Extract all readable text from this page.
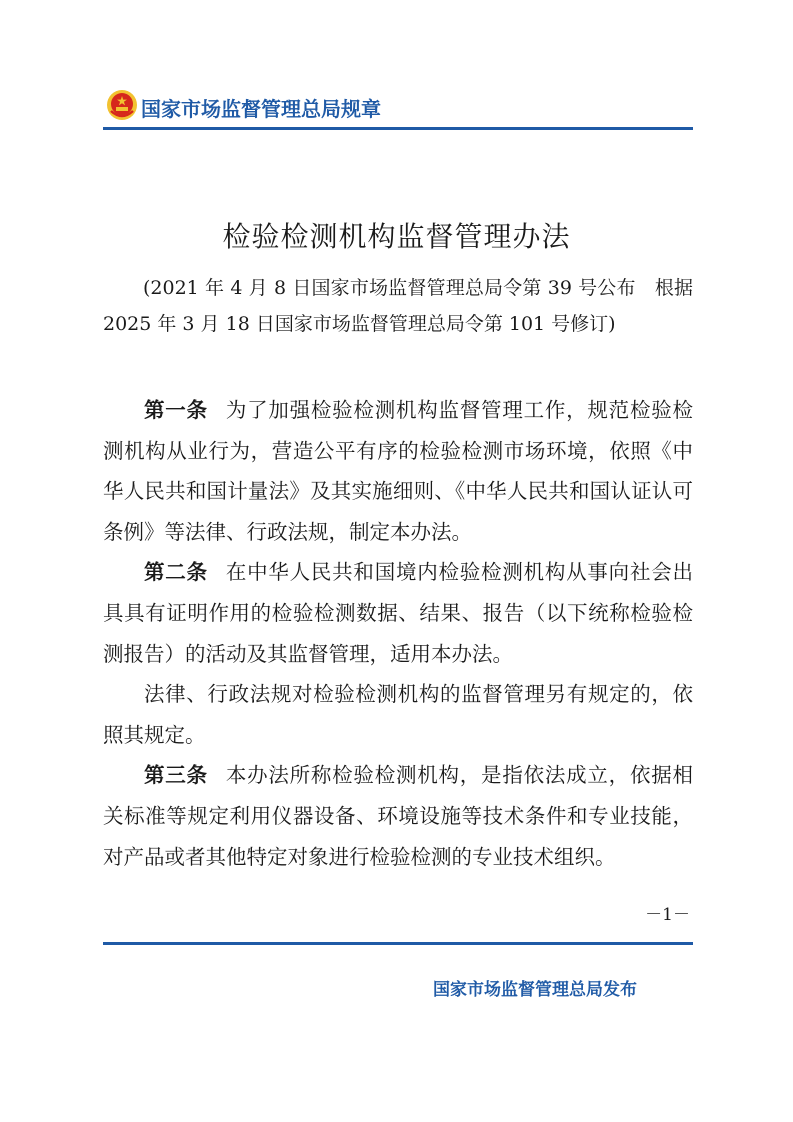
国家市场监督管理总局规章
检验检测机构监督管理办法
(2021 年 4 月 8 日国家市场监督管理总局令第 39 号公布　根据 2025 年 3 月 18 日国家市场监督管理总局令第 101 号修订)

第一条 为了加强检验检测机构监督管理工作，规范检验检测机构从业行为，营造公平有序的检验检测市场环境，依照《中华人民共和国计量法》及其实施细则、《中华人民共和国认证认可条例》等法律、行政法规，制定本办法。

第二条 在中华人民共和国境内检验检测机构从事向社会出具具有证明作用的检验检测数据、结果、报告（以下统称检验检测报告）的活动及其监督管理，适用本办法。

法律、行政法规对检验检测机构的监督管理另有规定的，依照其规定。

第三条 本办法所称检验检测机构，是指依法成立，依据相关标准等规定利用仪器设备、环境设施等技术条件和专业技能，对产品或者其他特定对象进行检验检测的专业技术组织。

－1－
国家市场监督管理总局发布
